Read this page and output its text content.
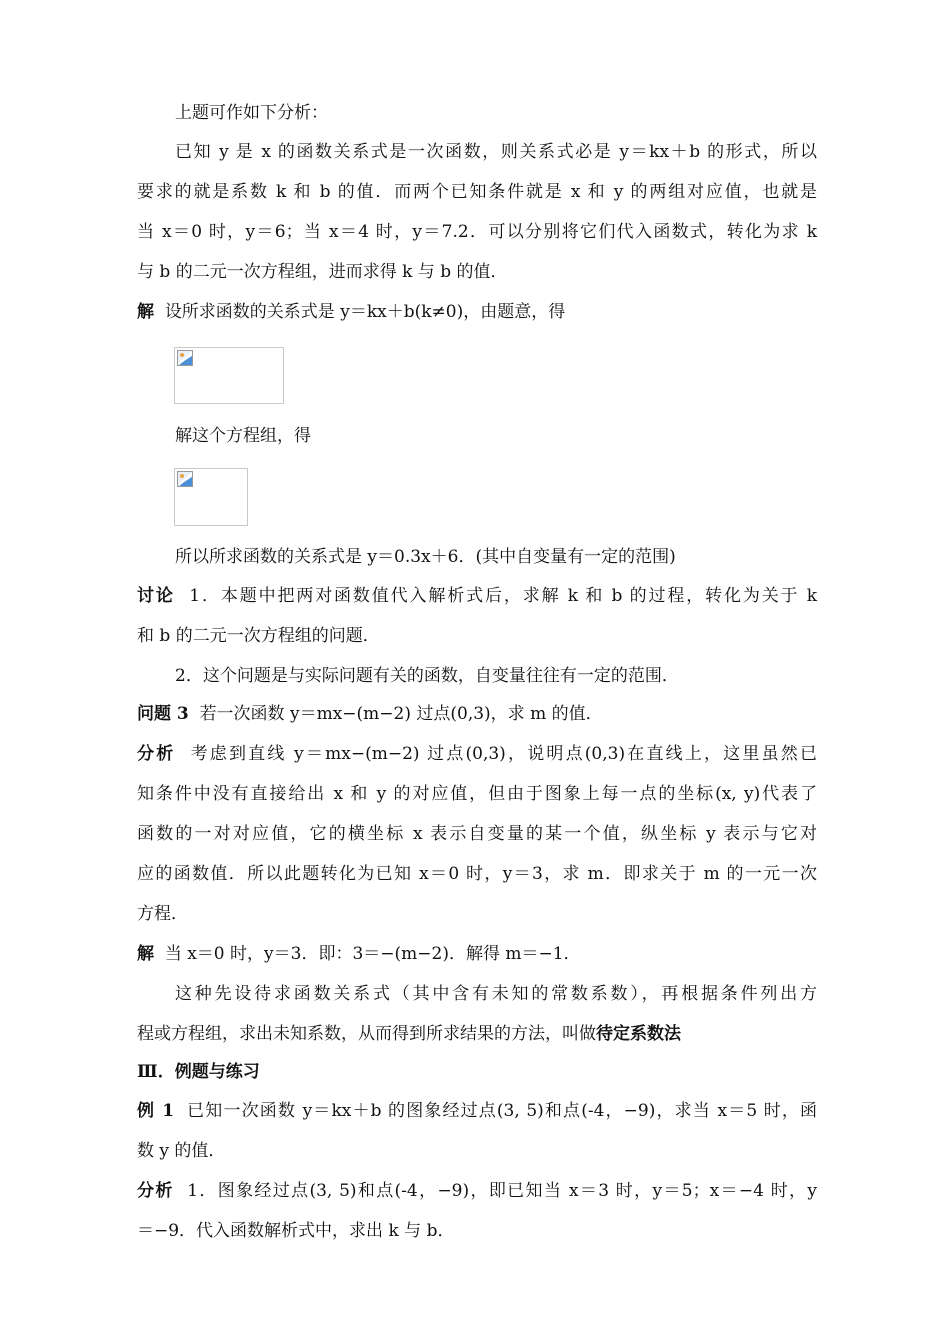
上题可作如下分析：
已知 y 是 x 的函数关系式是一次函数，则关系式必是 y＝kx＋b 的形式，所以
要求的就是系数 k 和 b 的值．而两个已知条件就是 x 和 y 的两组对应值，也就是
当 x＝0 时，y＝6；当 x＝4 时，y＝7.2．可以分别将它们代入函数式，转化为求 k
与 b 的二元一次方程组，进而求得 k 与 b 的值．
解 设所求函数的关系式是 y＝kx＋b(k≠0)，由题意，得
解这个方程组，得
所以所求函数的关系式是 y＝0.3x＋6．(其中自变量有一定的范围)
讨论 1．本题中把两对函数值代入解析式后，求解 k 和 b 的过程，转化为关于 k
和 b 的二元一次方程组的问题．
2．这个问题是与实际问题有关的函数，自变量往往有一定的范围．
问题 3 若一次函数 y＝mx−(m−2) 过点(0,3)，求 m 的值．
分析 考虑到直线 y＝mx−(m−2) 过点(0,3)，说明点(0,3)在直线上，这里虽然已
知条件中没有直接给出 x 和 y 的对应值，但由于图象上每一点的坐标(x, y)代表了
函数的一对对应值，它的横坐标 x 表示自变量的某一个值，纵坐标 y 表示与它对
应的函数值．所以此题转化为已知 x＝0 时，y＝3，求 m．即求关于 m 的一元一次
方程．
解 当 x＝0 时，y＝3．即：3＝−(m−2)．解得 m＝−1．
这种先设待求函数关系式（其中含有未知的常数系数），再根据条件列出方
程或方程组，求出未知系数，从而得到所求结果的方法，叫做待定系数法
Ⅲ．例题与练习
例 1 已知一次函数 y＝kx＋b 的图象经过点(3, 5)和点(-4，−9)，求当 x＝5 时，函
数 y 的值．
分析 1．图象经过点(3, 5)和点(-4，−9)，即已知当 x＝3 时，y＝5；x＝−4 时，y
＝−9．代入函数解析式中，求出 k 与 b．
